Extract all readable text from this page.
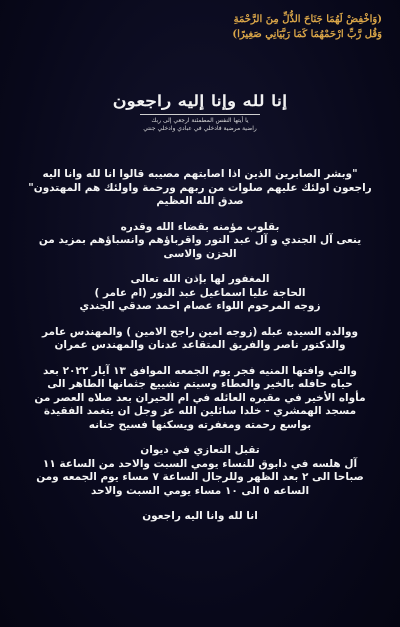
(وَاخْفِضْ لَهُمَا جَنَاحَ الذُّلِّ مِنَ الرَّحْمَةِ
وَقُل رَّبِّ ارْحَمْهُمَا كَمَا رَبَّيَانِي صَغِيرًا)
إنا لله وإنا إليه راجعون
يا أيتها النفس المطمئنة ارجعي إلى ربك
راضية مرضية فادخلي في عبادي وادخلي جنتي

"وبشر الصابرين الذين اذا اصابتهم مصيبه قالوا انا لله وانا اليه
راجعون اولئك عليهم صلوات من ربهم ورحمة واولئك هم المهتدون"
صدق الله العظيم

بقلوب مؤمنه بقضاء الله وقدره
ينعى آل الجندي و آل عبد النور واقرباؤهم وانسباؤهم بمزيد من
الحزن والاسى

المغفور لها بإذن الله تعالى
الحاجة عليا اسماعيل عبد النور (ام عامر )
زوجه المرحوم اللواء عصام احمد صدقي الجندي

ووالده السيده عبله (زوجه امين راجح الامين ) والمهندس عامر
والدكتور ناصر والفريق المتقاعد عدنان والمهندس عمران

والتي وافتها المنيه فجر يوم الجمعه الموافق ١٣ آيار ٢٠٢٢ بعد
حياه حافله بالخير والعطاء وسيتم تشييع جثمانها الطاهر الى
مأواه الأخير في مقبره العائله في ام الحيران بعد صلاه العصر من
مسجد الهمشري - خلدا سائلين الله عز وجل ان يتغمد الفقيدة
بواسع رحمته ومغفرته ويسكنها فسيح جنانه

تقبل التعازي في ديوان
آل هلسه في دابوق للنساء يومي السبت والاحد من الساعة ١١
صباحا الى ٢ بعد الظهر وللرجال الساعة ٧ مساء يوم الجمعه ومن
الساعه ٥ الى ١٠ مساء يومي السبت والاحد

انا لله وانا اليه راجعون
